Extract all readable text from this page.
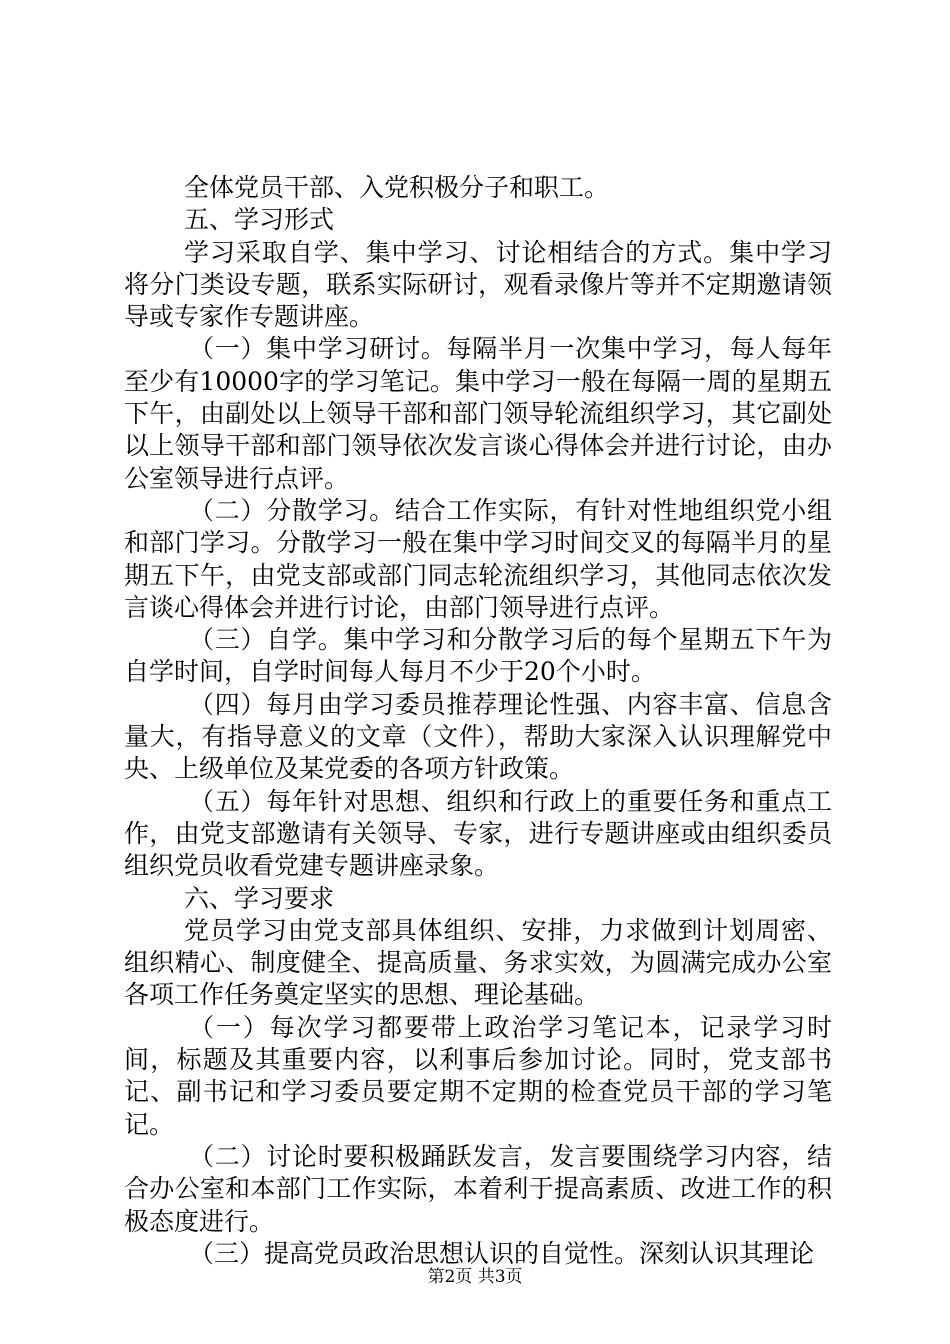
全体党员干部、入党积极分子和职工。

五、学习形式

学习采取自学、集中学习、讨论相结合的方式。集中学习将分门类设专题，联系实际研讨，观看录像片等并不定期邀请领导或专家作专题讲座。

（一）集中学习研讨。每隔半月一次集中学习，每人每年至少有10000字的学习笔记。集中学习一般在每隔一周的星期五下午，由副处以上领导干部和部门领导轮流组织学习，其它副处以上领导干部和部门领导依次发言谈心得体会并进行讨论，由办公室领导进行点评。

（二）分散学习。结合工作实际，有针对性地组织党小组和部门学习。分散学习一般在集中学习时间交叉的每隔半月的星期五下午，由党支部或部门同志轮流组织学习，其他同志依次发言谈心得体会并进行讨论，由部门领导进行点评。

（三）自学。集中学习和分散学习后的每个星期五下午为自学时间，自学时间每人每月不少于20个小时。

（四）每月由学习委员推荐理论性强、内容丰富、信息含量大，有指导意义的文章（文件），帮助大家深入认识理解党中央、上级单位及某党委的各项方针政策。

（五）每年针对思想、组织和行政上的重要任务和重点工作，由党支部邀请有关领导、专家，进行专题讲座或由组织委员组织党员收看党建专题讲座录象。

六、学习要求

党员学习由党支部具体组织、安排，力求做到计划周密、组织精心、制度健全、提高质量、务求实效，为圆满完成办公室各项工作任务奠定坚实的思想、理论基础。

（一）每次学习都要带上政治学习笔记本，记录学习时间，标题及其重要内容，以利事后参加讨论。同时，党支部书记、副书记和学习委员要定期不定期的检查党员干部的学习笔记。

（二）讨论时要积极踊跃发言，发言要围绕学习内容，结合办公室和本部门工作实际，本着利于提高素质、改进工作的积极态度进行。

（三）提高党员政治思想认识的自觉性。深刻认识其理论

第2页 共3页
